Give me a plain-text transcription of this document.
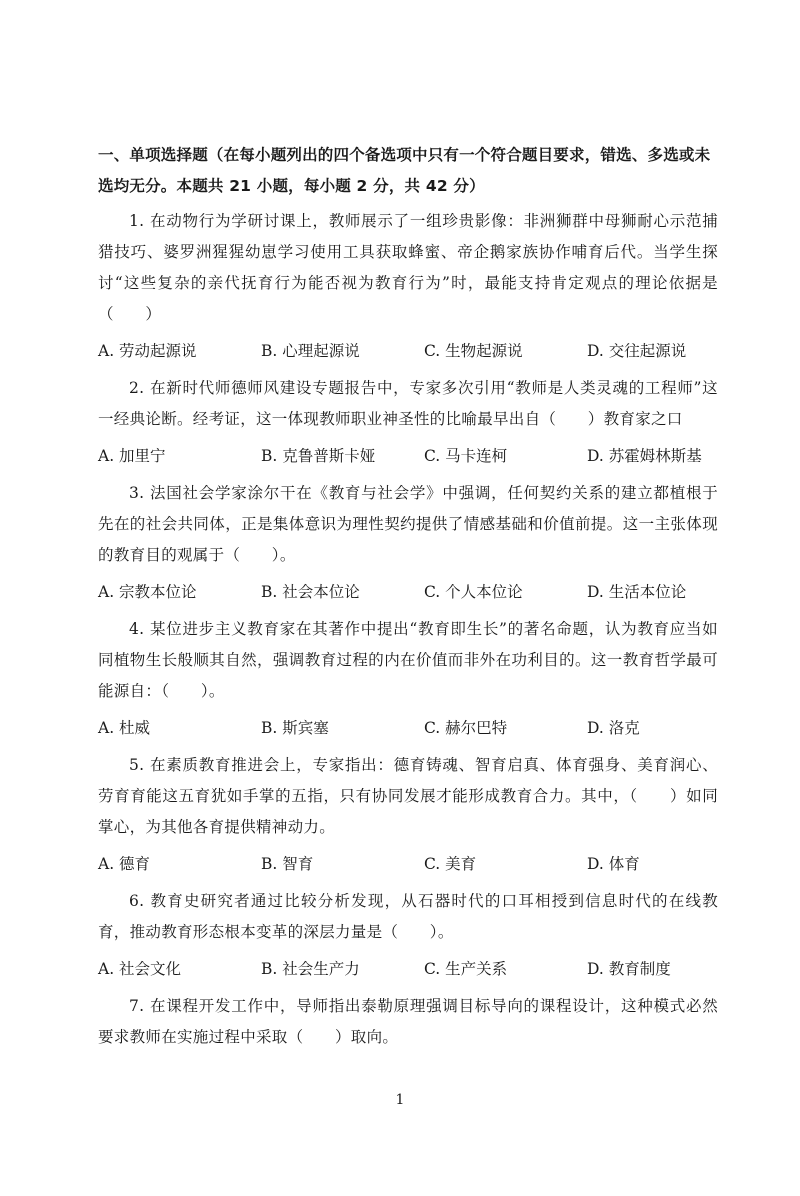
一、单项选择题（在每小题列出的四个备选项中只有一个符合题目要求，错选、多选或未选均无分。本题共 21 小题，每小题 2 分，共 42 分）

1. 在动物行为学研讨课上，教师展示了一组珍贵影像：非洲狮群中母狮耐心示范捕猎技巧、婆罗洲猩猩幼崽学习使用工具获取蜂蜜、帝企鹅家族协作哺育后代。当学生探讨“这些复杂的亲代抚育行为能否视为教育行为”时，最能支持肯定观点的理论依据是（　　）

A. 劳动起源说	B. 心理起源说	C. 生物起源说	D. 交往起源说

2. 在新时代师德师风建设专题报告中，专家多次引用“教师是人类灵魂的工程师”这一经典论断。经考证，这一体现教师职业神圣性的比喻最早出自（　　）教育家之口

A. 加里宁	B. 克鲁普斯卡娅	C. 马卡连柯	D. 苏霍姆林斯基

3. 法国社会学家涂尔干在《教育与社会学》中强调，任何契约关系的建立都植根于先在的社会共同体，正是集体意识为理性契约提供了情感基础和价值前提。这一主张体现的教育目的观属于（　　）。

A. 宗教本位论	B. 社会本位论	C. 个人本位论	D. 生活本位论

4. 某位进步主义教育家在其著作中提出“教育即生长”的著名命题，认为教育应当如同植物生长般顺其自然，强调教育过程的内在价值而非外在功利目的。这一教育哲学最可能源自：（　　）。

A. 杜威	B. 斯宾塞	C. 赫尔巴特	D. 洛克

5. 在素质教育推进会上，专家指出：德育铸魂、智育启真、体育强身、美育润心、劳育育能这五育犹如手掌的五指，只有协同发展才能形成教育合力。其中，（　　）如同掌心，为其他各育提供精神动力。

A. 德育	B. 智育	C. 美育	D. 体育

6. 教育史研究者通过比较分析发现，从石器时代的口耳相授到信息时代的在线教育，推动教育形态根本变革的深层力量是（　　）。

A. 社会文化	B. 社会生产力	C. 生产关系	D. 教育制度

7. 在课程开发工作中，导师指出泰勒原理强调目标导向的课程设计，这种模式必然要求教师在实施过程中采取（　　）取向。

1
